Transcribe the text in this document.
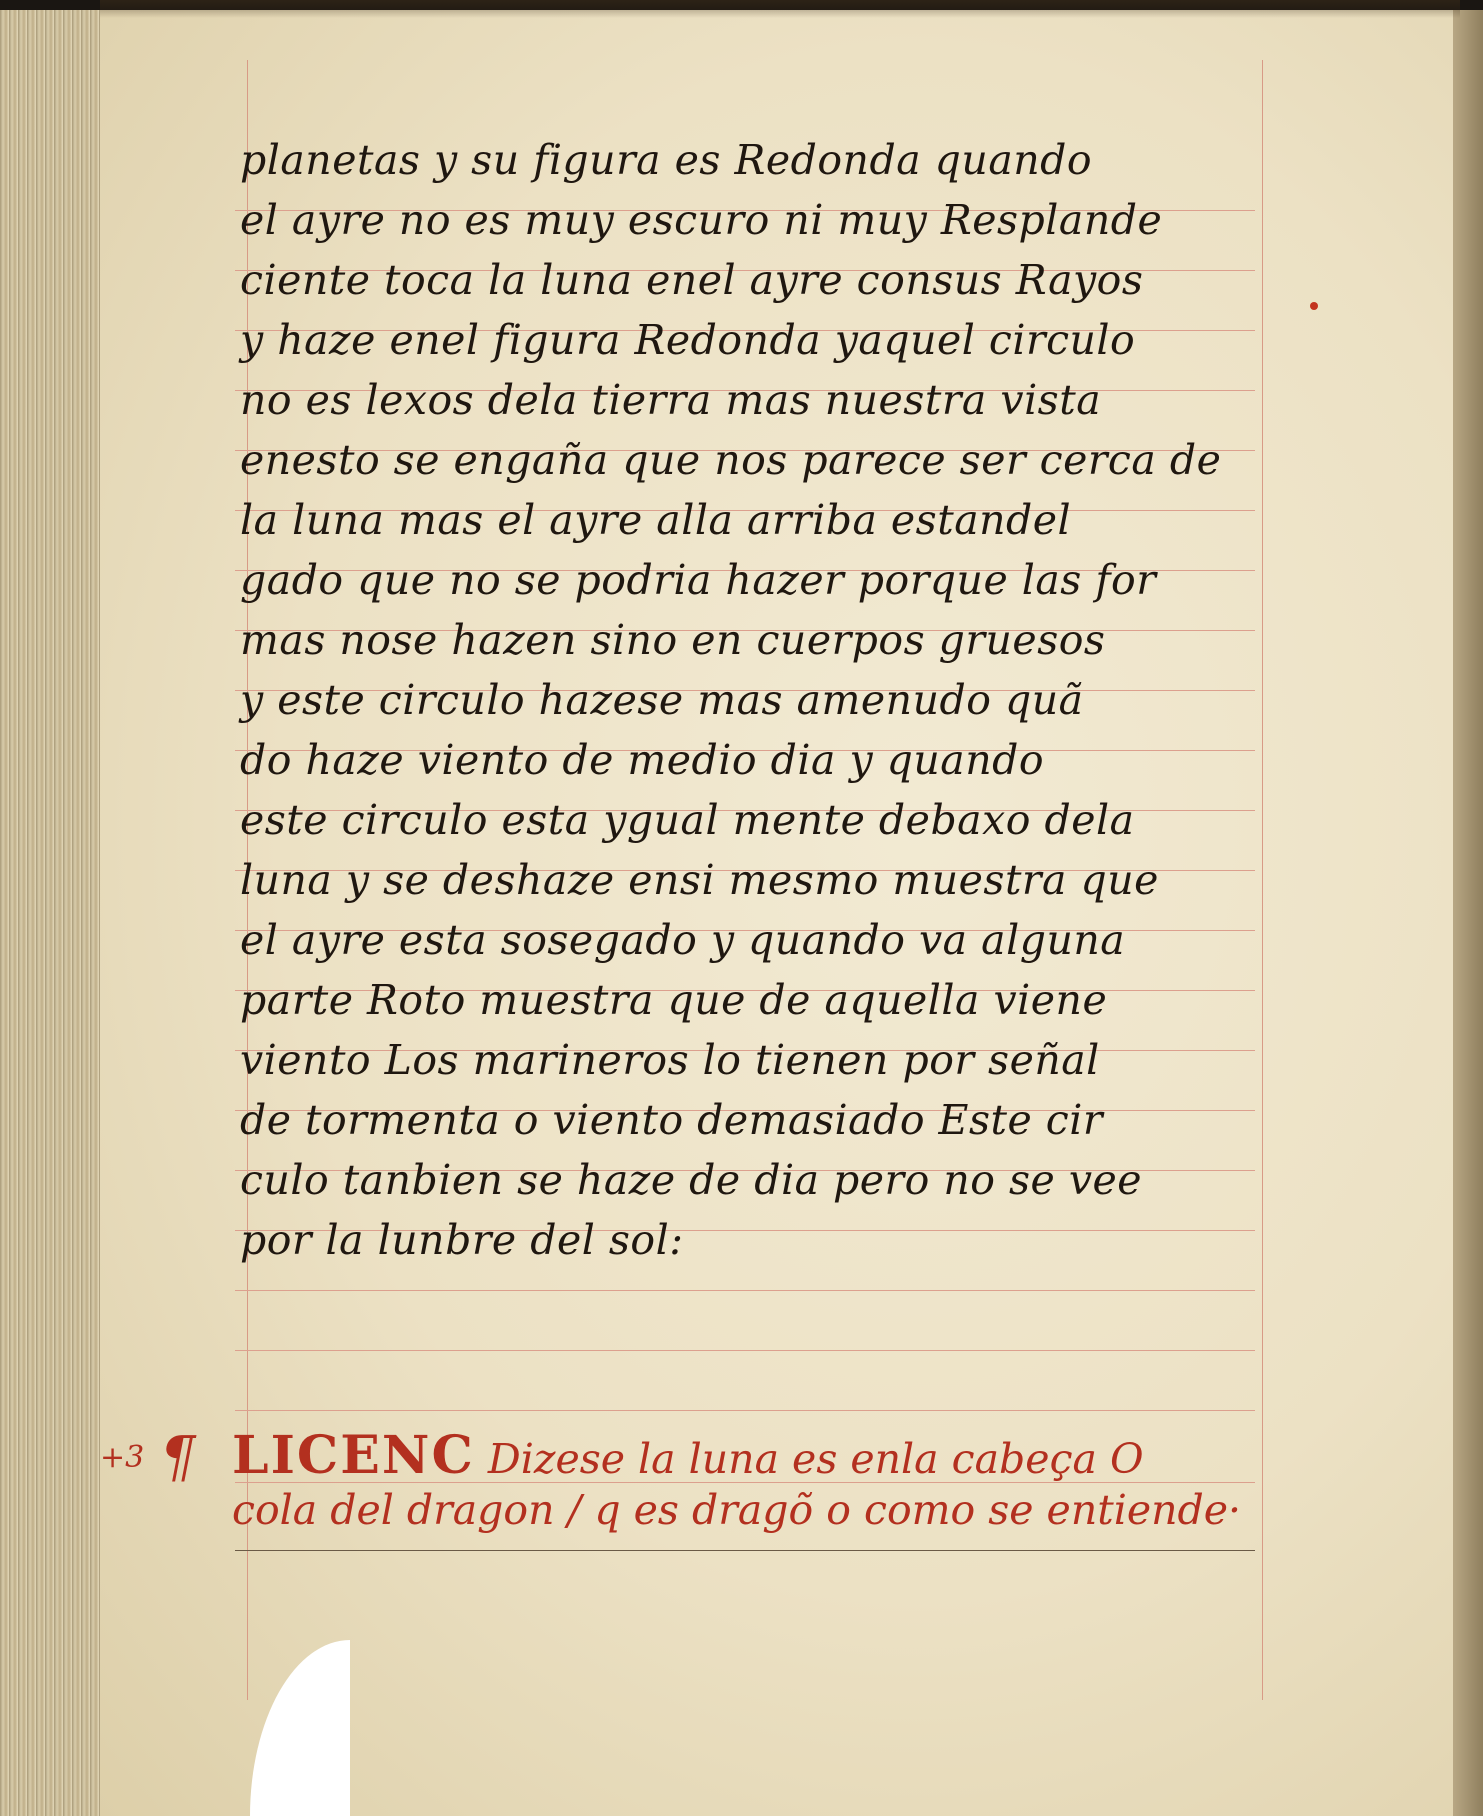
planetas y su figura es Redonda quando
el ayre no es muy escuro ni muy Resplande
ciente toca la luna enel ayre consus Rayos
y haze enel figura Redonda yaquel circulo
no es lexos dela tierra mas nuestra vista
enesto se engaña que nos parece ser cerca de
la luna mas el ayre alla arriba estandel
gado que no se podria hazer porque las for
mas nose hazen sino en cuerpos gruesos
y este circulo hazese mas amenudo quã
do haze viento de medio dia y quando
este circulo esta ygual mente debaxo dela
luna y se deshaze ensi mesmo muestra que
el ayre esta sosegado y quando va alguna
parte Roto muestra que de aquella viene
viento Los marineros lo tienen por señal
de tormenta o viento demasiado Este cir
culo tanbien se haze de dia pero no se vee
por la lunbre del sol:
+3 ¶ LICENC Dizese la luna es enla cabeça O
cola del dragon / q es dragõ o como se entiende·
